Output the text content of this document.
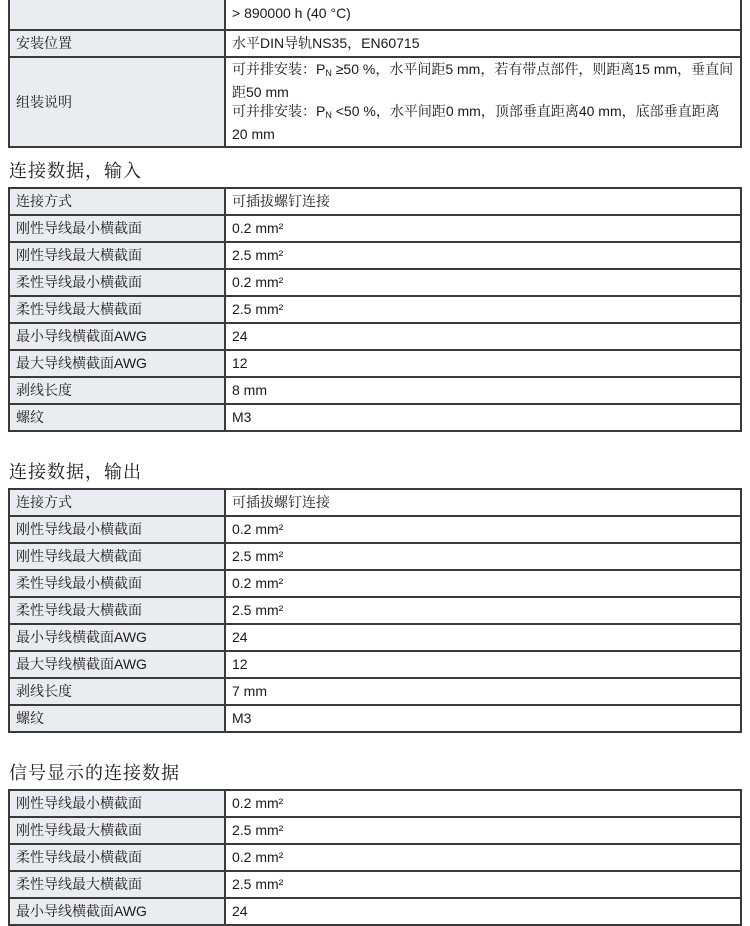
	> 890000 h (40 °C)
安装位置	水平DIN导轨NS35，EN60715
组装说明	可并排安装：$P_N \ge 50$ %，水平间距5 mm，若有带点部件，则距离15 mm，垂直间距50 mm
可并排安装：$P_N <50$ %，水平间距0 mm，顶部垂直距离40 mm，底部垂直距离20 mm
连接数据，输入
连接方式	可插拔螺钉连接
刚性导线最小横截面	0.2 mm²
刚性导线最大横截面	2.5 mm²
柔性导线最小横截面	0.2 mm²
柔性导线最大横截面	2.5 mm²
最小导线横截面AWG	24
最大导线横截面AWG	12
剥线长度	8 mm
螺纹	M3
连接数据，输出
连接方式	可插拔螺钉连接
刚性导线最小横截面	0.2 mm²
刚性导线最大横截面	2.5 mm²
柔性导线最小横截面	0.2 mm²
柔性导线最大横截面	2.5 mm²
最小导线横截面AWG	24
最大导线横截面AWG	12
剥线长度	7 mm
螺纹	M3
信号显示的连接数据
刚性导线最小横截面	0.2 mm²
刚性导线最大横截面	2.5 mm²
柔性导线最小横截面	0.2 mm²
柔性导线最大横截面	2.5 mm²
最小导线横截面AWG	24
